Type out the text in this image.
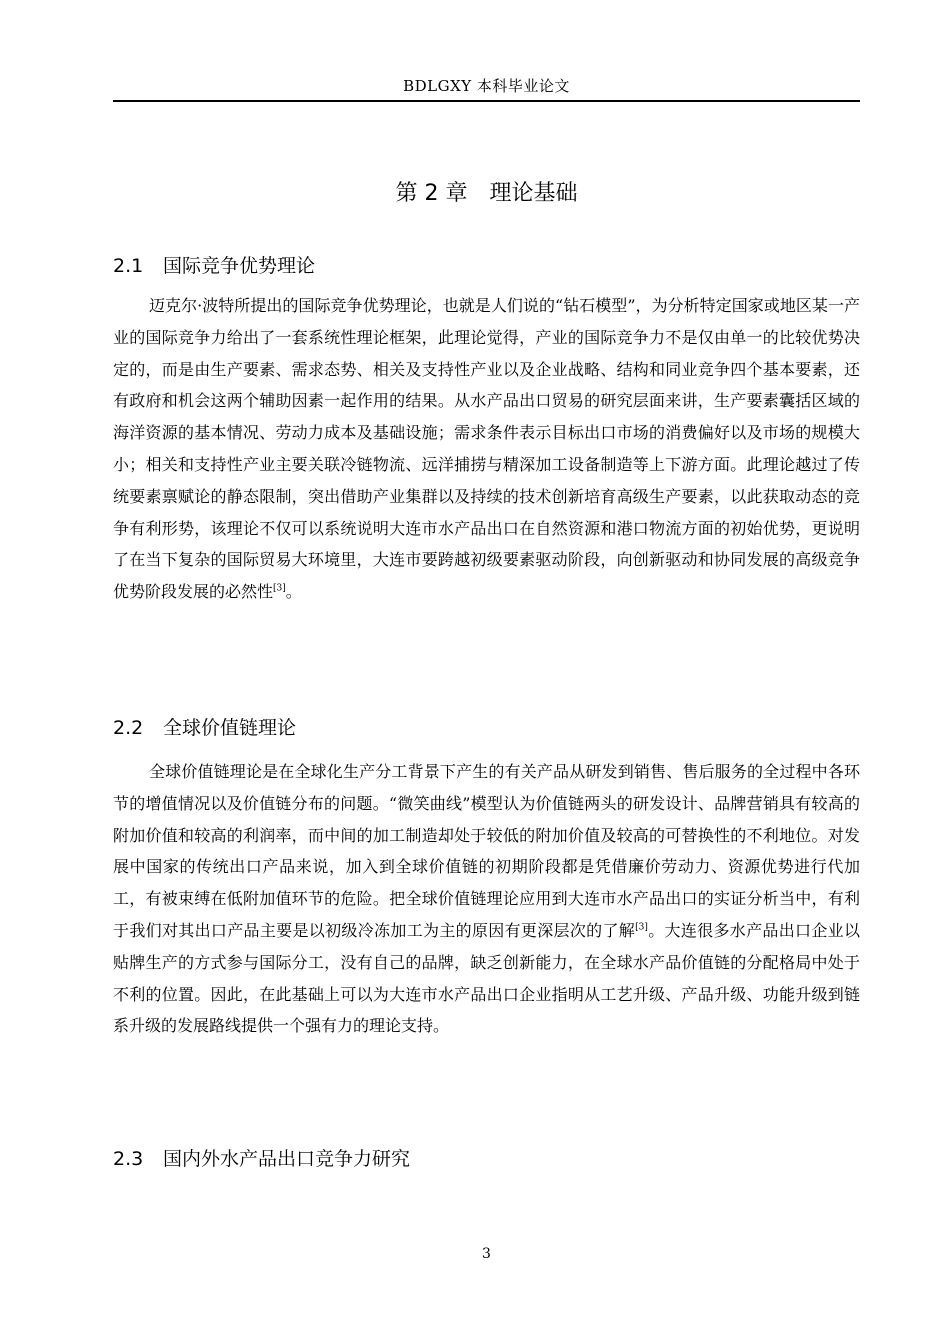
BDLGXY 本科毕业论文
第 2 章　理论基础
2.1 国际竞争优势理论

迈克尔·波特所提出的国际竞争优势理论，也就是人们说的“钻石模型”，为分析特定国家或地区某一产业的国际竞争力给出了一套系统性理论框架，此理论觉得，产业的国际竞争力不是仅由单一的比较优势决定的，而是由生产要素、需求态势、相关及支持性产业以及企业战略、结构和同业竞争四个基本要素，还有政府和机会这两个辅助因素一起作用的结果。从水产品出口贸易的研究层面来讲，生产要素囊括区域的海洋资源的基本情况、劳动力成本及基础设施；需求条件表示目标出口市场的消费偏好以及市场的规模大小；相关和支持性产业主要关联冷链物流、远洋捕捞与精深加工设备制造等上下游方面。此理论越过了传统要素禀赋论的静态限制，突出借助产业集群以及持续的技术创新培育高级生产要素，以此获取动态的竞争有利形势，该理论不仅可以系统说明大连市水产品出口在自然资源和港口物流方面的初始优势，更说明了在当下复杂的国际贸易大环境里，大连市要跨越初级要素驱动阶段，向创新驱动和协同发展的高级竞争优势阶段发展的必然性[3]。

2.2 全球价值链理论

全球价值链理论是在全球化生产分工背景下产生的有关产品从研发到销售、售后服务的全过程中各环节的增值情况以及价值链分布的问题。“微笑曲线”模型认为价值链两头的研发设计、品牌营销具有较高的附加价值和较高的利润率，而中间的加工制造却处于较低的附加价值及较高的可替换性的不利地位。对发展中国家的传统出口产品来说，加入到全球价值链的初期阶段都是凭借廉价劳动力、资源优势进行代加工，有被束缚在低附加值环节的危险。把全球价值链理论应用到大连市水产品出口的实证分析当中，有利于我们对其出口产品主要是以初级冷冻加工为主的原因有更深层次的了解[3]。大连很多水产品出口企业以贴牌生产的方式参与国际分工，没有自己的品牌，缺乏创新能力，在全球水产品价值链的分配格局中处于不利的位置。因此，在此基础上可以为大连市水产品出口企业指明从工艺升级、产品升级、功能升级到链系升级的发展路线提供一个强有力的理论支持。

2.3 国内外水产品出口竞争力研究
3
